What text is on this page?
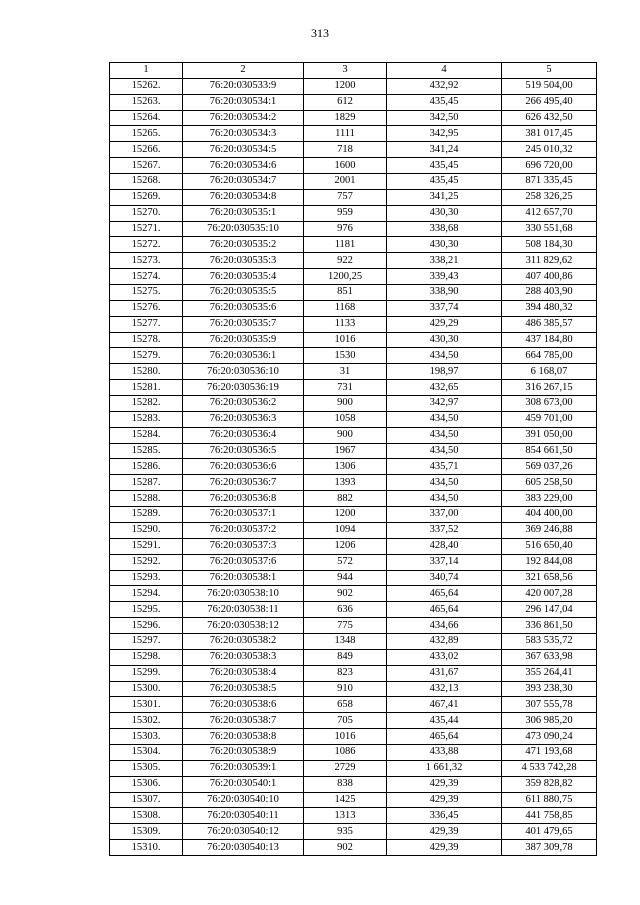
313
1	2	3	4	5
15262.	76:20:030533:9	1200	432,92	519 504,00
15263.	76:20:030534:1	612	435,45	266 495,40
15264.	76:20:030534:2	1829	342,50	626 432,50
15265.	76:20:030534:3	1111	342,95	381 017,45
15266.	76:20:030534:5	718	341,24	245 010,32
15267.	76:20:030534:6	1600	435,45	696 720,00
15268.	76:20:030534:7	2001	435,45	871 335,45
15269.	76:20:030534:8	757	341,25	258 326,25
15270.	76:20:030535:1	959	430,30	412 657,70
15271.	76:20:030535:10	976	338,68	330 551,68
15272.	76:20:030535:2	1181	430,30	508 184,30
15273.	76:20:030535:3	922	338,21	311 829,62
15274.	76:20:030535:4	1200,25	339,43	407 400,86
15275.	76:20:030535:5	851	338,90	288 403,90
15276.	76:20:030535:6	1168	337,74	394 480,32
15277.	76:20:030535:7	1133	429,29	486 385,57
15278.	76:20:030535:9	1016	430,30	437 184,80
15279.	76:20:030536:1	1530	434,50	664 785,00
15280.	76:20:030536:10	31	198,97	6 168,07
15281.	76:20:030536:19	731	432,65	316 267,15
15282.	76:20:030536:2	900	342,97	308 673,00
15283.	76:20:030536:3	1058	434,50	459 701,00
15284.	76:20:030536:4	900	434,50	391 050,00
15285.	76:20:030536:5	1967	434,50	854 661,50
15286.	76:20:030536:6	1306	435,71	569 037,26
15287.	76:20:030536:7	1393	434,50	605 258,50
15288.	76:20:030536:8	882	434,50	383 229,00
15289.	76:20:030537:1	1200	337,00	404 400,00
15290.	76:20:030537:2	1094	337,52	369 246,88
15291.	76:20:030537:3	1206	428,40	516 650,40
15292.	76:20:030537:6	572	337,14	192 844,08
15293.	76:20:030538:1	944	340,74	321 658,56
15294.	76:20:030538:10	902	465,64	420 007,28
15295.	76:20:030538:11	636	465,64	296 147,04
15296.	76:20:030538:12	775	434,66	336 861,50
15297.	76:20:030538:2	1348	432,89	583 535,72
15298.	76:20:030538:3	849	433,02	367 633,98
15299.	76:20:030538:4	823	431,67	355 264,41
15300.	76:20:030538:5	910	432,13	393 238,30
15301.	76:20:030538:6	658	467,41	307 555,78
15302.	76:20:030538:7	705	435,44	306 985,20
15303.	76:20:030538:8	1016	465,64	473 090,24
15304.	76:20:030538:9	1086	433,88	471 193,68
15305.	76:20:030539:1	2729	1 661,32	4 533 742,28
15306.	76:20:030540:1	838	429,39	359 828,82
15307.	76:20:030540:10	1425	429,39	611 880,75
15308.	76:20:030540:11	1313	336,45	441 758,85
15309.	76:20:030540:12	935	429,39	401 479,65
15310.	76:20:030540:13	902	429,39	387 309,78
